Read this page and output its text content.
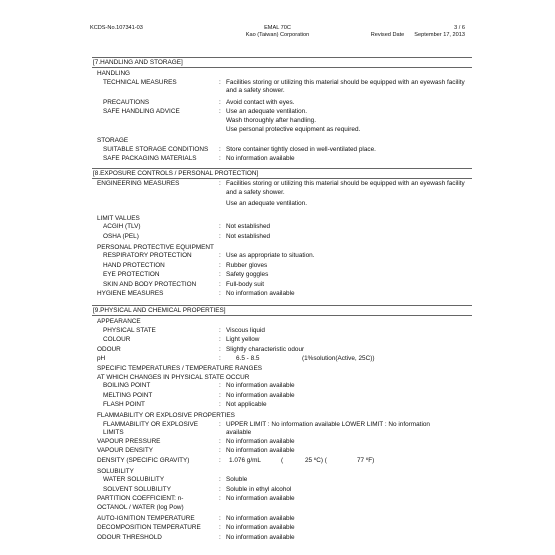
KCDS-No.107341-03	EMAL 70C
Kao (Taiwan) Corporation
3 / 6
Revised Date September 17, 2013
[7.HANDLING AND STORAGE]
HANDLING
TECHNICAL MEASURES	: Facilities storing or utilizing this material should be equipped with an eyewash facility and a safety shower.
PRECAUTIONS	: Avoid contact with eyes.
SAFE HANDLING ADVICE	: Use an adequate ventilation.
Wash thoroughly after handling.
Use personal protective equipment as required.
STORAGE
SUITABLE STORAGE CONDITIONS	: Store container tightly closed in well-ventilated place.
SAFE PACKAGING MATERIALS	: No information available
[8.EXPOSURE CONTROLS / PERSONAL PROTECTION]
ENGINEERING MEASURES	: Facilities storing or utilizing this material should be equipped with an eyewash facility and a safety shower.
Use an adequate ventilation.
LIMIT VALUES
ACGIH (TLV)	: Not established
OSHA (PEL)	: Not established
PERSONAL PROTECTIVE EQUIPMENT
RESPIRATORY PROTECTION	: Use as appropriate to situation.
HAND PROTECTION	: Rubber gloves
EYE PROTECTION	: Safety goggles
SKIN AND BODY PROTECTION	: Full-body suit
HYGIENE MEASURES	: No information available
[9.PHYSICAL AND CHEMICAL PROPERTIES]
APPEARANCE
PHYSICAL STATE	: Viscous liquid
COLOUR	: Light yellow
ODOUR	: Slightly characteristic odour
pH	:	6.5 - 8.5	(1%solution(Active, 25C))
SPECIFIC TEMPERATURES / TEMPERATURE RANGES
AT WHICH CHANGES IN PHYSICAL STATE OCCUR
BOILING POINT	: No information available
MELTING POINT	: No information available
FLASH POINT	: Not applicable
FLAMMABILITY OR EXPLOSIVE PROPERTIES
FLAMMABILITY OR EXPLOSIVE
LIMITS
: UPPER LIMIT : No information available LOWER LIMIT : No information
available
VAPOUR PRESSURE	: No information available
VAPOUR DENSITY	: No information available
DENSITY (SPECIFIC GRAVITY)	:	1.076 g/mL	(	25 ºC) (	77 ºF)
SOLUBILITY
WATER SOLUBILITY	: Soluble
SOLVENT SOLUBILITY	: Soluble in ethyl alcohol
PARTITION COEFFICIENT: n-
OCTANOL / WATER (log Pow)
: No information available
AUTO-IGNITION TEMPERATURE	: No information available
DECOMPOSITION TEMPERATURE	: No information available
ODOUR THRESHOLD	: No information available
